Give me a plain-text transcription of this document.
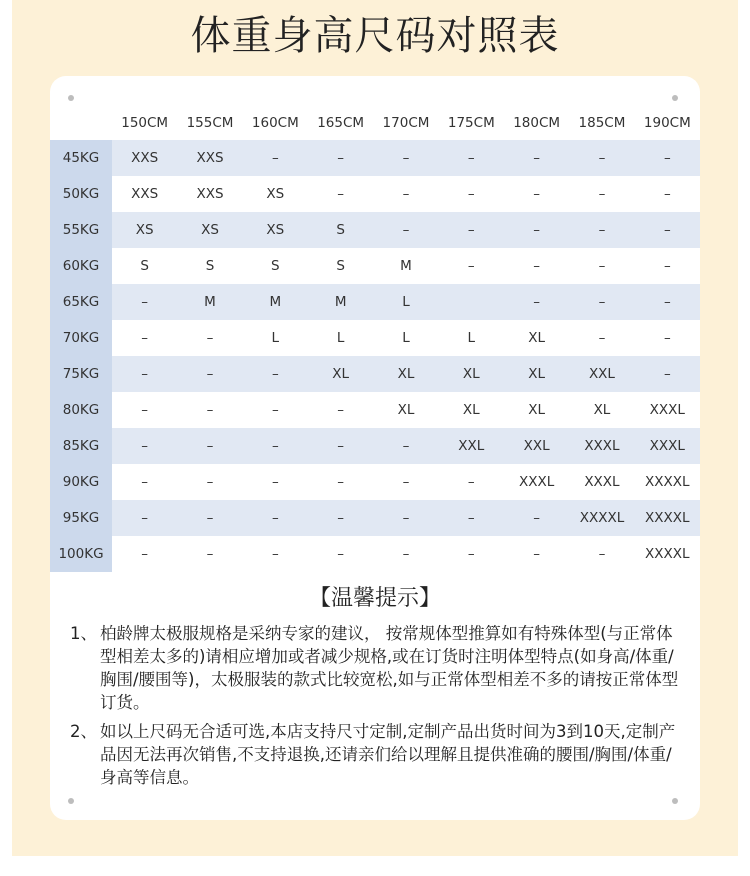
体重身高尺码对照表
	150CM	155CM	160CM	165CM	170CM	175CM	180CM	185CM	190CM
45KG	XXS	XXS	–	–	–	–	–	–	–
50KG	XXS	XXS	XS	–	–	–	–	–	–
55KG	XS	XS	XS	S	–	–	–	–	–
60KG	S	S	S	S	M	–	–	–	–
65KG	–	M	M	M	L		–	–	–
70KG	–	–	L	L	L	L	XL	–	–
75KG	–	–	–	XL	XL	XL	XL	XXL	–
80KG	–	–	–	–	XL	XL	XL	XL	XXXL
85KG	–	–	–	–	–	XXL	XXL	XXXL	XXXL
90KG	–	–	–	–	–	–	XXXL	XXXL	XXXXL
95KG	–	–	–	–	–	–	–	XXXXL	XXXXL
100KG	–	–	–	–	–	–	–	–	XXXXL
【温馨提示】
1、 柏龄牌太极服规格是采纳专家的建议， 按常规体型推算如有特殊体型(与正常体型相差太多的)请相应增加或者减少规格,或在订货时注明体型特点(如身高/体重/胸围/腰围等)，太极服装的款式比较宽松,如与正常体型相差不多的请按正常体型订货。
2、 如以上尺码无合适可选,本店支持尺寸定制,定制产品出货时间为3到10天,定制产品因无法再次销售,不支持退换,还请亲们给以理解且提供准确的腰围/胸围/体重/身高等信息。
